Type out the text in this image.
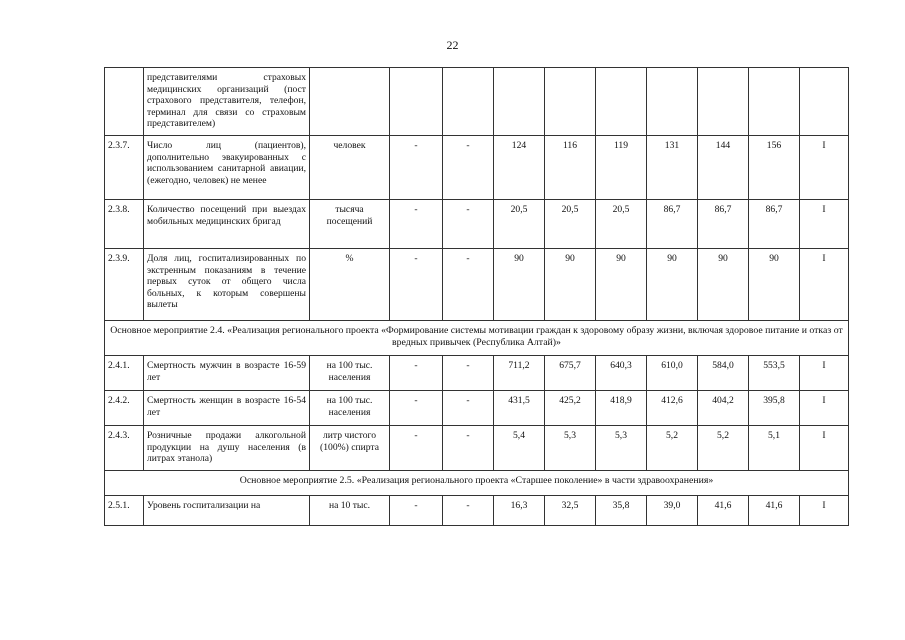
22
	представителями страховых медицинских организаций (пост страхового представителя, телефон, терминал для связи со страховым представителем)										
2.3.7.	Число лиц (пациентов), дополнительно эвакуированных с использованием санитарной авиации, (ежегодно, человек) не менее	человек	-	-	124	116	119	131	144	156	I
2.3.8.	Количество посещений при выездах мобильных медицинских бригад	тысяча посещений	-	-	20,5	20,5	20,5	86,7	86,7	86,7	I
2.3.9.	Доля лиц, госпитализированных по экстренным показаниям в течение первых суток от общего числа больных, к которым совершены вылеты	%	-	-	90	90	90	90	90	90	I
Основное мероприятие 2.4. «Реализация регионального проекта «Формирование системы мотивации граждан к здоровому образу жизни, включая здоровое питание и отказ от вредных привычек (Республика Алтай)»											
2.4.1.	Смертность мужчин в возрасте 16-59 лет	на 100 тыс. населения	-	-	711,2	675,7	640,3	610,0	584,0	553,5	I
2.4.2.	Смертность женщин в возрасте 16-54 лет	на 100 тыс. населения	-	-	431,5	425,2	418,9	412,6	404,2	395,8	I
2.4.3.	Розничные продажи алкогольной продукции на душу населения (в литрах этанола)	литр чистого (100%) спирта	-	-	5,4	5,3	5,3	5,2	5,2	5,1	I
Основное мероприятие 2.5. «Реализация регионального проекта «Старшее поколение» в части здравоохранения»											
2.5.1.	Уровень госпитализации на	на 10 тыс.	-	-	16,3	32,5	35,8	39,0	41,6	41,6	I
